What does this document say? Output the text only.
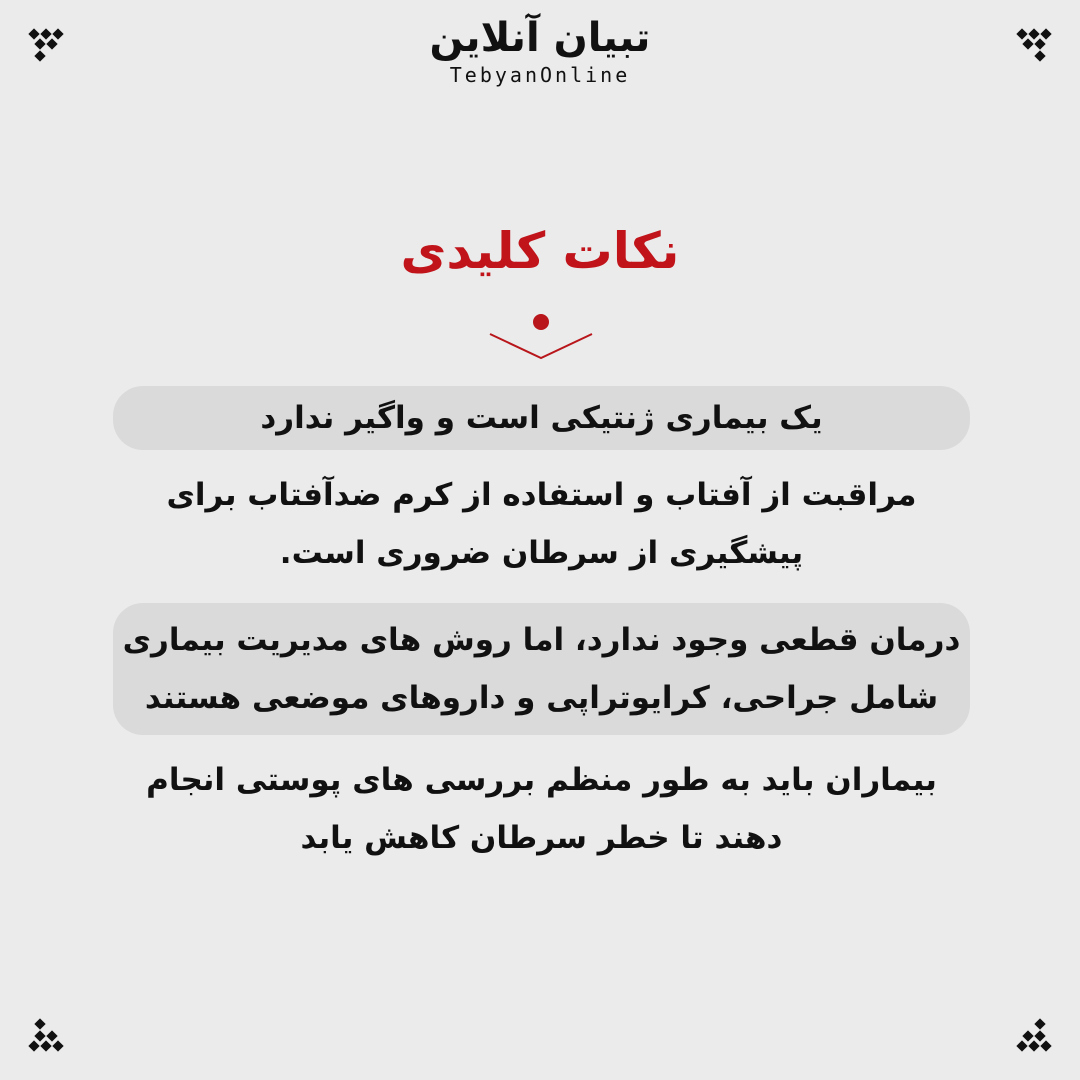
تبیان آنلاین
TebyanOnline
نکات کلیدی
یک بیماری ژنتیکی است و واگیر ندارد
مراقبت از آفتاب و استفاده از کرم ضدآفتاب برای
پیشگیری از سرطان ضروری است.
درمان قطعی وجود ندارد، اما روش های مدیریت بیماری
شامل جراحی، کرایوتراپی و داروهای موضعی هستند
بیماران باید به طور منظم بررسی های پوستی انجام
دهند تا خطر سرطان کاهش یابد
